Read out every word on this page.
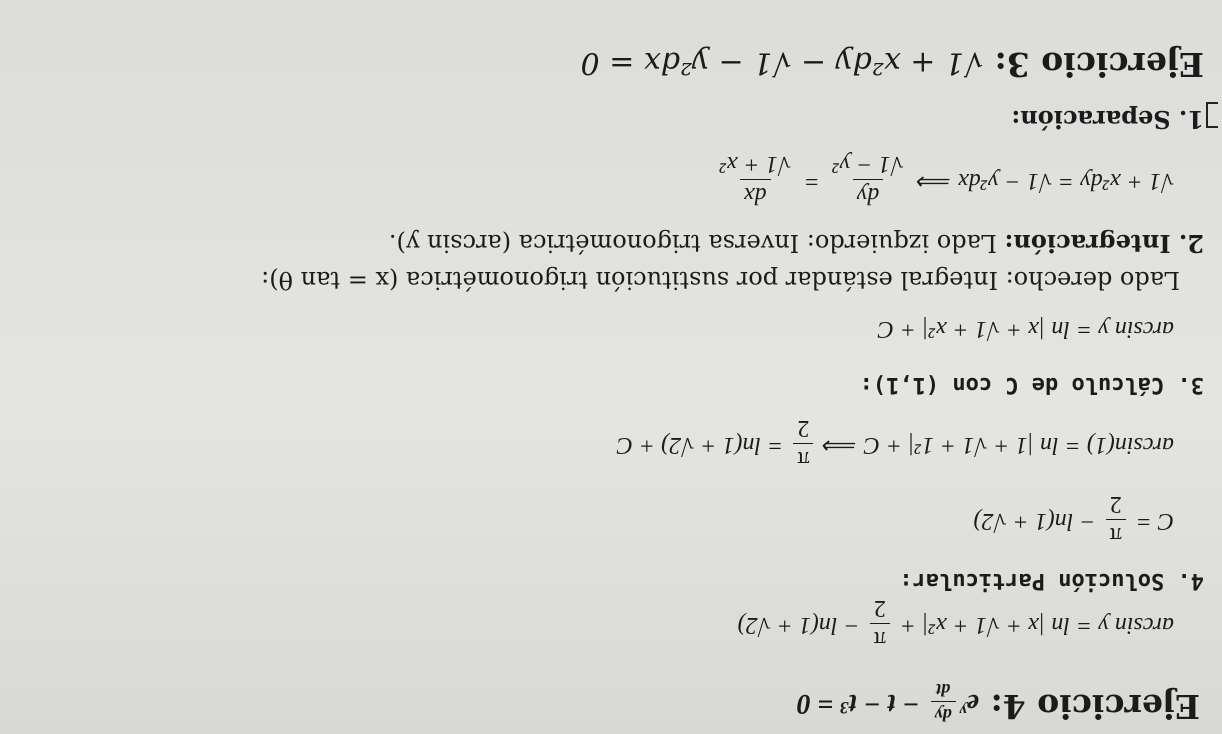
Ejercicio 4: $e^y$
dy
dt
− t − t³ = 0
arcsin y = ln |x + √1 + x²| +
π
2
− ln(1 + √2)
4. Solución Particular:
C =
π
2
− ln(1 + √2)
arcsin(1) = ln |1 + √1 + 1²| + C ⟹
π
2
= ln(1 + √2) + C
3. Cálculo de C con (1,1):
arcsin y = ln |x + √1 + x²| + C
Lado derecho: Integral estándar por sustitución trigonométrica (x = tan θ):
2. Integración: Lado izquierdo: Inversa trigonométrica (arcsin y).
√1 + x²dy = √1 − y²dx ⟹
dy
√1 − y²
=
dx
√1 + x²
1. Separación:
Ejercicio 3: √1 + x²dy − √1 − y²dx = 0
